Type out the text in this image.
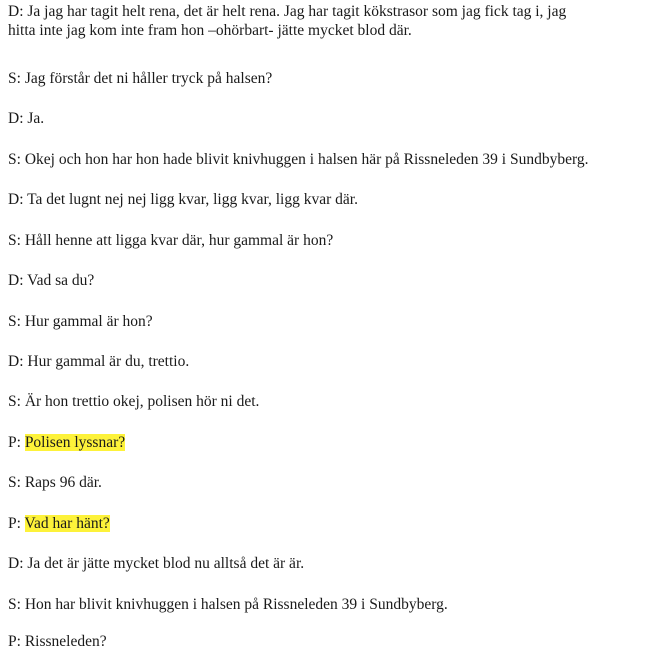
D: Ja jag har tagit helt rena, det är helt rena. Jag har tagit kökstrasor som jag fick tag i, jag
hitta inte jag kom inte fram hon –ohörbart- jätte mycket blod där.
S: Jag förstår det ni håller tryck på halsen?
D: Ja.
S: Okej och hon har hon hade blivit knivhuggen i halsen här på Rissneleden 39 i Sundbyberg.
D: Ta det lugnt nej nej ligg kvar, ligg kvar, ligg kvar där.
S: Håll henne att ligga kvar där, hur gammal är hon?
D: Vad sa du?
S: Hur gammal är hon?
D: Hur gammal är du, trettio.
S: Är hon trettio okej, polisen hör ni det.
P: Polisen lyssnar?
S: Raps 96 där.
P: Vad har hänt?
D: Ja det är jätte mycket blod nu alltså det är är.
S: Hon har blivit knivhuggen i halsen på Rissneleden 39 i Sundbyberg.
P: Rissneleden?
